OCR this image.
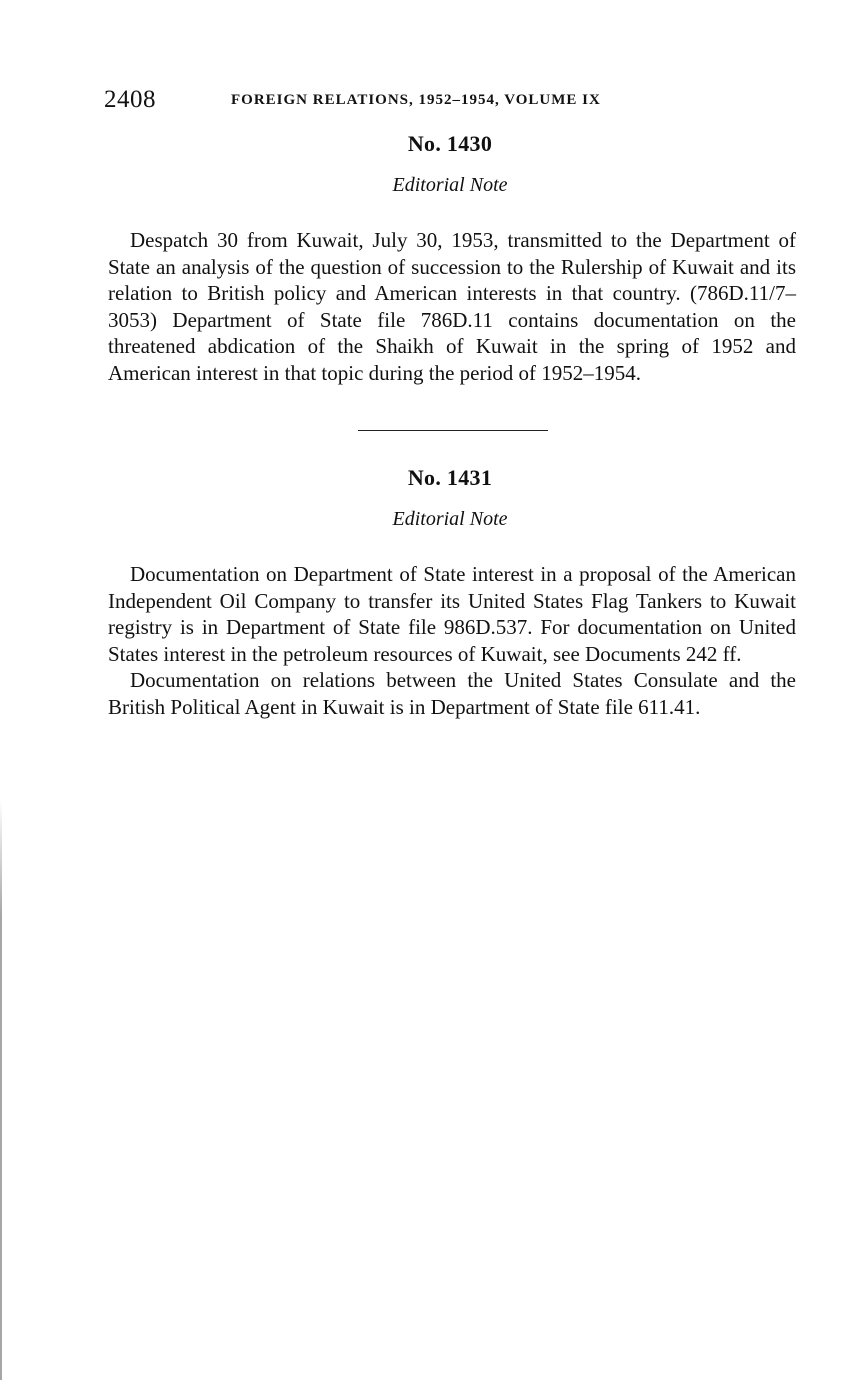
2408	FOREIGN RELATIONS, 1952–1954, VOLUME IX
No. 1430
Editorial Note

Despatch 30 from Kuwait, July 30, 1953, transmitted to the Department of State an analysis of the question of succession to the Rulership of Kuwait and its relation to British policy and American interests in that country. (786D.11/7–3053) Department of State file 786D.11 contains documentation on the threatened abdication of the Shaikh of Kuwait in the spring of 1952 and American interest in that topic during the period of 1952–1954.

No. 1431
Editorial Note

Documentation on Department of State interest in a proposal of the American Independent Oil Company to transfer its United States Flag Tankers to Kuwait registry is in Department of State file 986D.537. For documentation on United States interest in the petroleum resources of Kuwait, see Documents 242 ff.

Documentation on relations between the United States Consulate and the British Political Agent in Kuwait is in Department of State file 611.41.
